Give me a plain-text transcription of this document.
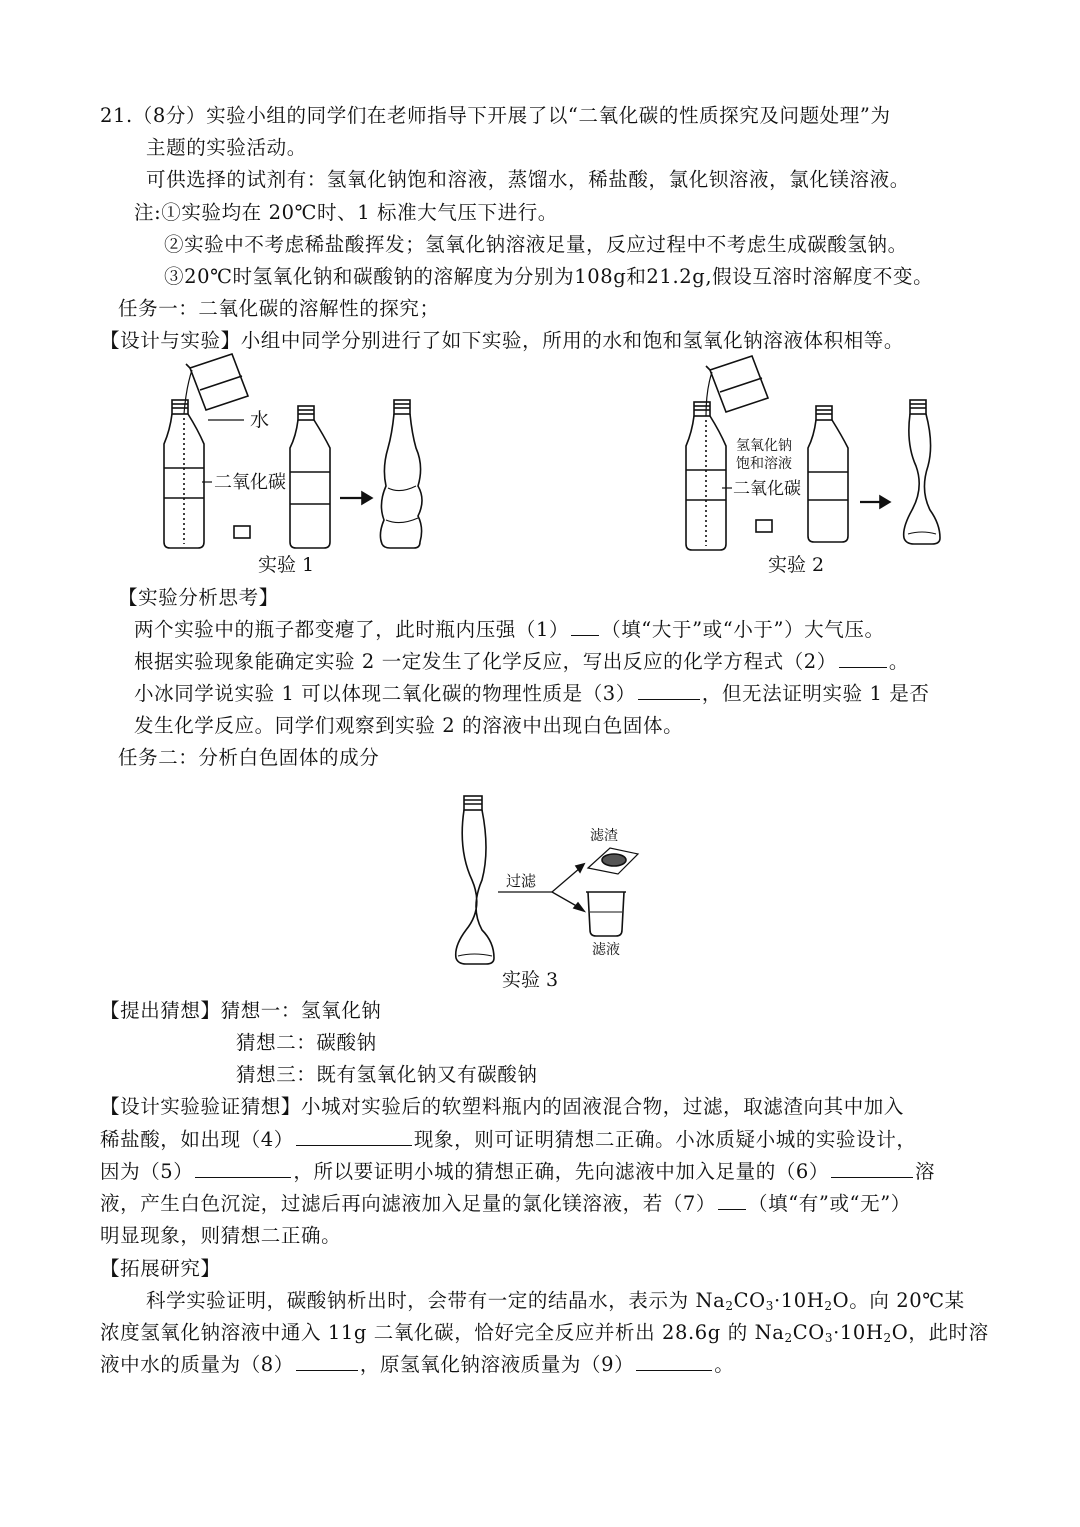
21.（8分）实验小组的同学们在老师指导下开展了以“二氧化碳的性质探究及问题处理”为
主题的实验活动。
可供选择的试剂有：氢氧化钠饱和溶液，蒸馏水，稀盐酸，氯化钡溶液，氯化镁溶液。
注:①实验均在 20℃时、1 标准大气压下进行。
②实验中不考虑稀盐酸挥发；氢氧化钠溶液足量，反应过程中不考虑生成碳酸氢钠。
③20℃时氢氧化钠和碳酸钠的溶解度为分别为108g和21.2g,假设互溶时溶解度不变。
任务一：二氧化碳的溶解性的探究；
【设计与实验】小组中同学分别进行了如下实验，所用的水和饱和氢氧化钠溶液体积相等。
水
二氧化碳
氢氧化钠
饱和溶液
二氧化碳
实验 1	实验 2
【实验分析思考】
两个实验中的瓶子都变瘪了，此时瓶内压强（1） （填“大于”或“小于”）大气压。
根据实验现象能确定实验 2 一定发生了化学反应，写出反应的化学方程式（2）	。
小冰同学说实验 1 可以体现二氧化碳的物理性质是（3）	，但无法证明实验 1 是否
发生化学反应。同学们观察到实验 2 的溶液中出现白色固体。
任务二：分析白色固体的成分
过滤
滤渣
滤液
实验 3
【提出猜想】猜想一：氢氧化钠
猜想二：碳酸钠
猜想三：既有氢氧化钠又有碳酸钠
【设计实验验证猜想】小城对实验后的软塑料瓶内的固液混合物，过滤，取滤渣向其中加入
稀盐酸，如出现（4）	现象，则可证明猜想二正确。小冰质疑小城的实验设计，
因为（5）	，所以要证明小城的猜想正确，先向滤液中加入足量的（6）	溶
液，产生白色沉淀，过滤后再向滤液加入足量的氯化镁溶液，若（7） （填“有”或“无”）
明显现象，则猜想二正确。
【拓展研究】
科学实验证明，碳酸钠析出时，会带有一定的结晶水，表示为 $Na_2CO_3\cdot 10H_2O$。向 20℃某
浓度氢氧化钠溶液中通入 11g 二氧化碳，恰好完全反应并析出 28.6g 的 $Na_2CO_3\cdot 10H_2O$，此时溶
液中水的质量为（8）	，原氢氧化钠溶液质量为（9）	。
